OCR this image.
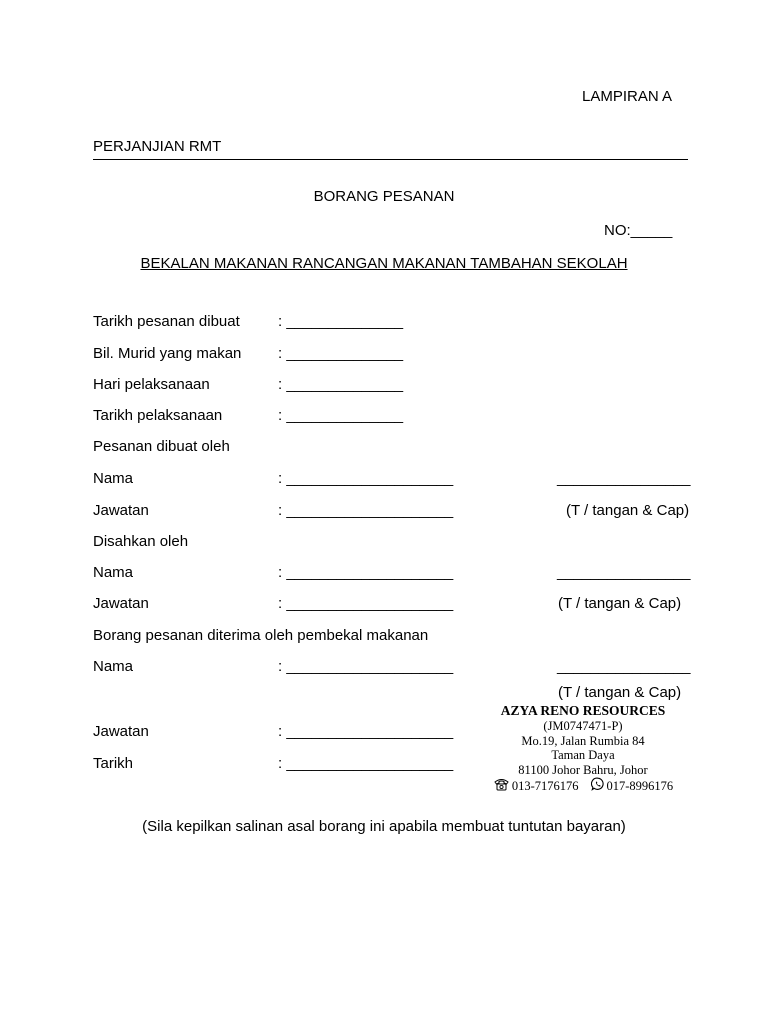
LAMPIRAN A
PERJANJIAN RMT
BORANG PESANAN
NO:_____
BEKALAN MAKANAN RANCANGAN MAKANAN TAMBAHAN SEKOLAH
Tarikh pesanan dibuat	: ______________
Bil. Murid yang makan : ______________
Hari pelaksanaan	: ______________
Tarikh pelaksanaan	: ______________
Pesanan dibuat oleh
Nama	: ____________________	________________
Jawatan	: ____________________	(T / tangan & Cap)
Disahkan oleh
Nama	: ____________________	________________
Jawatan	: ____________________	(T / tangan & Cap)
Borang pesanan diterima oleh pembekal makanan
Nama	: ____________________	________________
(T / tangan & Cap)
Jawatan	: ____________________
Tarikh	: ____________________
AZYA RENO RESOURCES
(JM0747471-P)
Mo.19, Jalan Rumbia 84
Taman Daya
81100 Johor Bahru, Johor
013-7176176 017-8996176
(Sila kepilkan salinan asal borang ini apabila membuat tuntutan bayaran)
